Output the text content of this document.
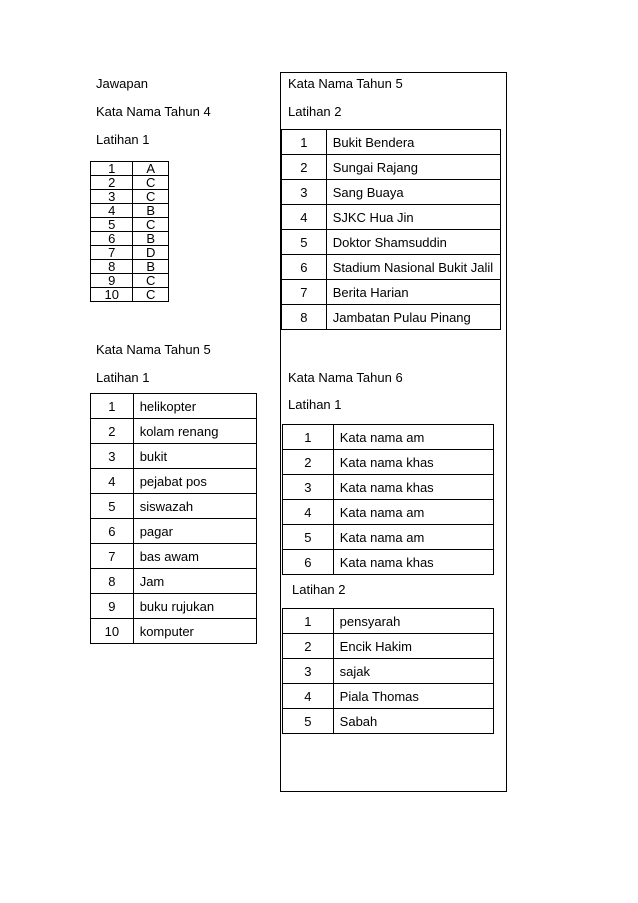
Jawapan
Kata Nama Tahun 4
Latihan 1
1	A
2	C
3	C
4	B
5	C
6	B
7	D
8	B
9	C
10	C
Kata Nama Tahun 5
Latihan 1
1	helikopter
2	kolam renang
3	bukit
4	pejabat pos
5	siswazah
6	pagar
7	bas awam
8	Jam
9	buku rujukan
10	komputer
Kata Nama Tahun 5
Latihan 2
1	Bukit Bendera
2	Sungai Rajang
3	Sang Buaya
4	SJKC Hua Jin
5	Doktor Shamsuddin
6	Stadium Nasional Bukit Jalil
7	Berita Harian
8	Jambatan Pulau Pinang
Kata Nama Tahun 6
Latihan 1
1	Kata nama am
2	Kata nama khas
3	Kata nama khas
4	Kata nama am
5	Kata nama am
6	Kata nama khas
Latihan 2
1	pensyarah
2	Encik Hakim
3	sajak
4	Piala Thomas
5	Sabah
